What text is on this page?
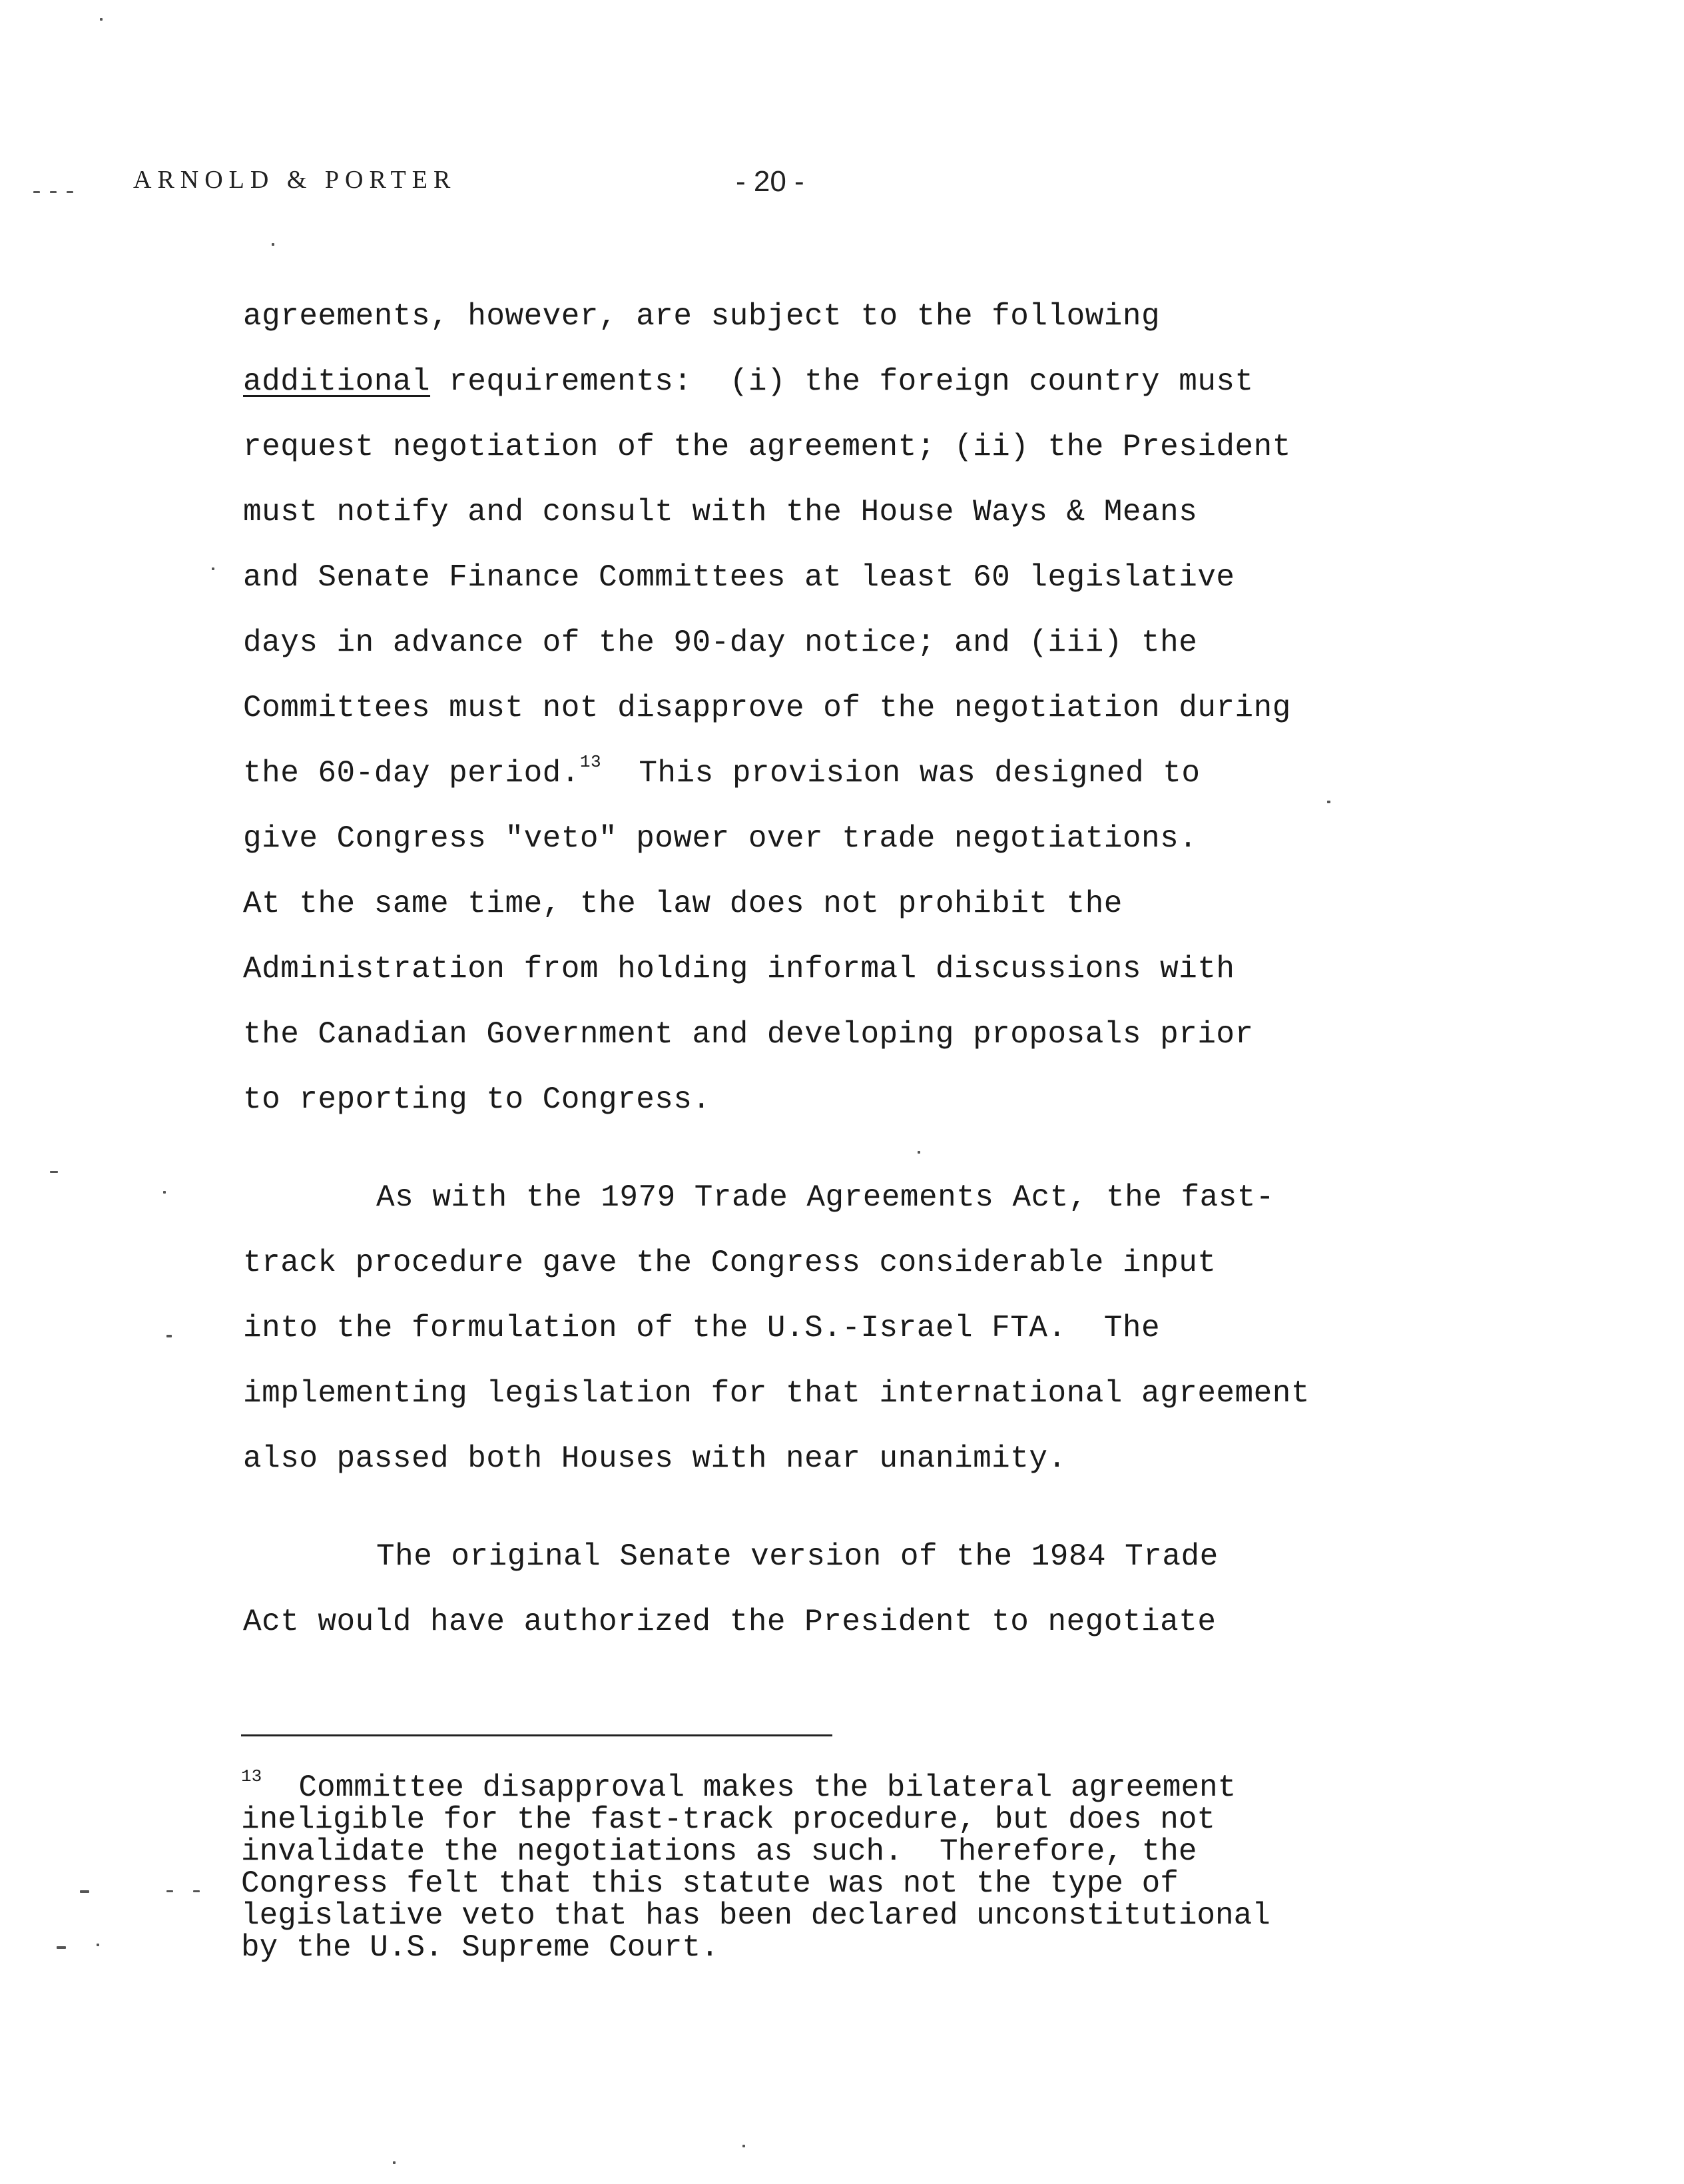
ARNOLD & PORTER	- 20 -
agreements, however, are subject to the following
additional requirements:  (i) the foreign country must
request negotiation of the agreement; (ii) the President
must notify and consult with the House Ways & Means
and Senate Finance Committees at least 60 legislative
days in advance of the 90-day notice; and (iii) the
Committees must not disapprove of the negotiation during
the 60-day period.$^{13}$  This provision was designed to
give Congress "veto" power over trade negotiations.
At the same time, the law does not prohibit the
Administration from holding informal discussions with
the Canadian Government and developing proposals prior
to reporting to Congress.
As with the 1979 Trade Agreements Act, the fast-
track procedure gave the Congress considerable input
into the formulation of the U.S.-Israel FTA.  The
implementing legislation for that international agreement
also passed both Houses with near unanimity.
The original Senate version of the 1984 Trade
Act would have authorized the President to negotiate
$^{13}$  Committee disapproval makes the bilateral agreement
ineligible for the fast-track procedure, but does not
invalidate the negotiations as such.  Therefore, the
Congress felt that this statute was not the type of
legislative veto that has been declared unconstitutional
by the U.S. Supreme Court.
